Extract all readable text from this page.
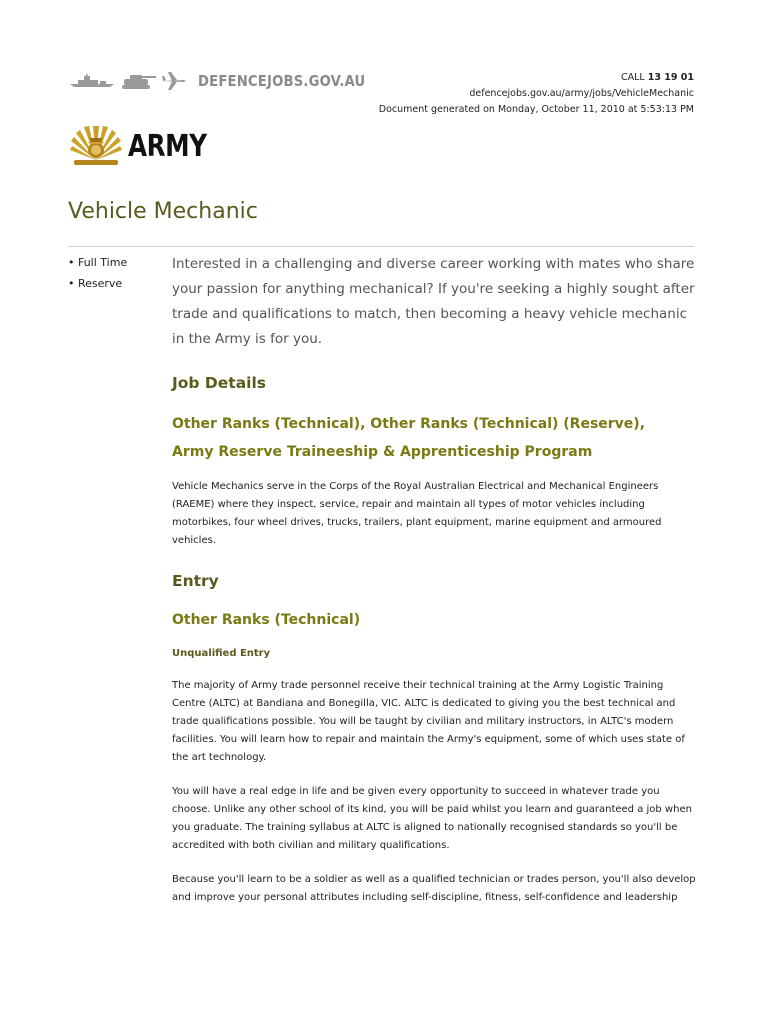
DEFENCEJOBS.GOV.AU	CALL 13 19 01
defencejobs.gov.au/army/jobs/VehicleMechanic
Document generated on Monday, October 11, 2010 at 5:53:13 PM
ARMY
Vehicle Mechanic
• Full Time
• Reserve

Interested in a challenging and diverse career working with mates who share your passion for anything mechanical? If you're seeking a highly sought after trade and qualifications to match, then becoming a heavy vehicle mechanic in the Army is for you.

Job Details
Other Ranks (Technical), Other Ranks (Technical) (Reserve),
Army Reserve Traineeship & Apprenticeship Program

Vehicle Mechanics serve in the Corps of the Royal Australian Electrical and Mechanical Engineers (RAEME) where they inspect, service, repair and maintain all types of motor vehicles including motorbikes, four wheel drives, trucks, trailers, plant equipment, marine equipment and armoured vehicles.

Entry
Other Ranks (Technical)
Unqualified Entry

The majority of Army trade personnel receive their technical training at the Army Logistic Training Centre (ALTC) at Bandiana and Bonegilla, VIC. ALTC is dedicated to giving you the best technical and trade qualifications possible. You will be taught by civilian and military instructors, in ALTC's modern facilities. You will learn how to repair and maintain the Army's equipment, some of which uses state of the art technology.

You will have a real edge in life and be given every opportunity to succeed in whatever trade you choose. Unlike any other school of its kind, you will be paid whilst you learn and guaranteed a job when you graduate. The training syllabus at ALTC is aligned to nationally recognised standards so you'll be accredited with both civilian and military qualifications.

Because you'll learn to be a soldier as well as a qualified technician or trades person, you'll also develop and improve your personal attributes including self-discipline, fitness, self-confidence and leadership
